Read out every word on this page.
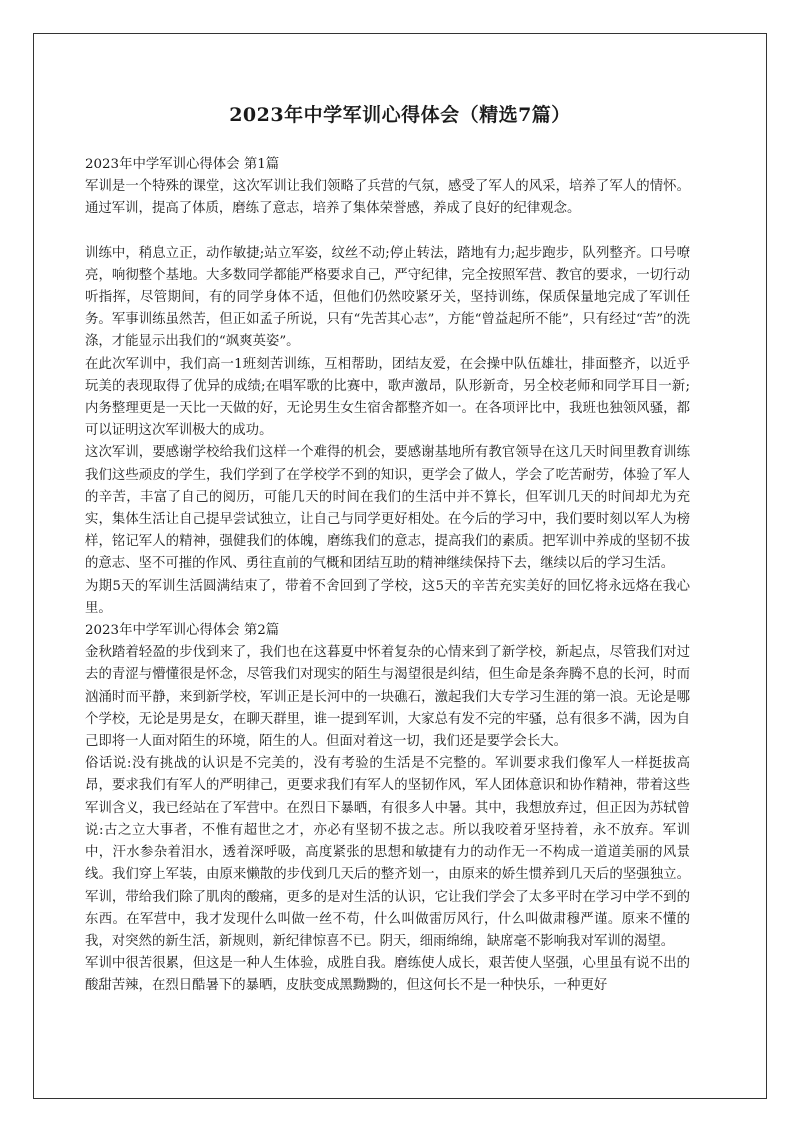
2023年中学军训心得体会（精选7篇）
2023年中学军训心得体会 第1篇

军训是一个特殊的课堂，这次军训让我们领略了兵营的气氛，感受了军人的风采，培养了军人的情怀。通过军训，提高了体质，磨练了意志，培养了集体荣誉感，养成了良好的纪律观念。

训练中，稍息立正，动作敏捷;站立军姿，纹丝不动;停止转法，踏地有力;起步跑步，队列整齐。口号嘹亮，响彻整个基地。大多数同学都能严格要求自己，严守纪律，完全按照军营、教官的要求，一切行动听指挥，尽管期间，有的同学身体不适，但他们仍然咬紧牙关，坚持训练，保质保量地完成了军训任务。军事训练虽然苦，但正如孟子所说，只有“先苦其心志”，方能“曾益起所不能”，只有经过“苦”的洗涤，才能显示出我们的“飒爽英姿”。

在此次军训中，我们高一1班刻苦训练，互相帮助，团结友爱，在会操中队伍雄壮，排面整齐，以近乎玩美的表现取得了优异的成绩;在唱军歌的比赛中，歌声激昂，队形新奇，另全校老师和同学耳目一新;内务整理更是一天比一天做的好，无论男生女生宿舍都整齐如一。在各项评比中，我班也独领风骚，都可以证明这次军训极大的成功。

这次军训，要感谢学校给我们这样一个难得的机会，要感谢基地所有教官领导在这几天时间里教育训练我们这些顽皮的学生，我们学到了在学校学不到的知识，更学会了做人，学会了吃苦耐劳，体验了军人的辛苦，丰富了自己的阅历，可能几天的时间在我们的生活中并不算长，但军训几天的时间却尤为充实，集体生活让自己提早尝试独立，让自己与同学更好相处。在今后的学习中，我们要时刻以军人为榜样，铭记军人的精神，强健我们的体魄，磨练我们的意志，提高我们的素质。把军训中养成的坚韧不拔的意志、坚不可摧的作风、勇往直前的气概和团结互助的精神继续保持下去，继续以后的学习生活。

为期5天的军训生活圆满结束了，带着不舍回到了学校，这5天的辛苦充实美好的回忆将永远烙在我心里。

2023年中学军训心得体会 第2篇

金秋踏着轻盈的步伐到来了，我们也在这暮夏中怀着复杂的心情来到了新学校，新起点，尽管我们对过去的青涩与懵懂很是怀念，尽管我们对现实的陌生与渴望很是纠结，但生命是条奔腾不息的长河，时而汹涌时而平静，来到新学校，军训正是长河中的一块礁石，激起我们大专学习生涯的第一浪。无论是哪个学校，无论是男是女，在聊天群里，谁一提到军训，大家总有发不完的牢骚，总有很多不满，因为自己即将一人面对陌生的环境，陌生的人。但面对着这一切，我们还是要学会长大。

俗话说:没有挑战的认识是不完美的，没有考验的生活是不完整的。军训要求我们像军人一样挺拔高昂，要求我们有军人的严明律己，更要求我们有军人的坚韧作风，军人团体意识和协作精神，带着这些军训含义，我已经站在了军营中。在烈日下暴晒，有很多人中暑。其中，我想放弃过，但正因为苏轼曾说:古之立大事者，不惟有超世之才，亦必有坚韧不拔之志。所以我咬着牙坚持着，永不放弃。军训中，汗水参杂着泪水，透着深呼吸，高度紧张的思想和敏捷有力的动作无一不构成一道道美丽的风景线。我们穿上军装，由原来懒散的步伐到几天后的整齐划一，由原来的娇生惯养到几天后的坚强独立。军训，带给我们除了肌肉的酸痛，更多的是对生活的认识，它让我们学会了太多平时在学习中学不到的东西。在军营中，我才发现什么叫做一丝不苟，什么叫做雷厉风行，什么叫做肃穆严谨。原来不懂的我，对突然的新生活，新规则，新纪律惊喜不已。阴天，细雨绵绵，缺席毫不影响我对军训的渴望。

军训中很苦很累，但这是一种人生体验，成胜自我。磨练使人成长，艰苦使人坚强，心里虽有说不出的酸甜苦辣，在烈日酷暑下的暴晒，皮肤变成黑黝黝的，但这何长不是一种快乐，一种更好
